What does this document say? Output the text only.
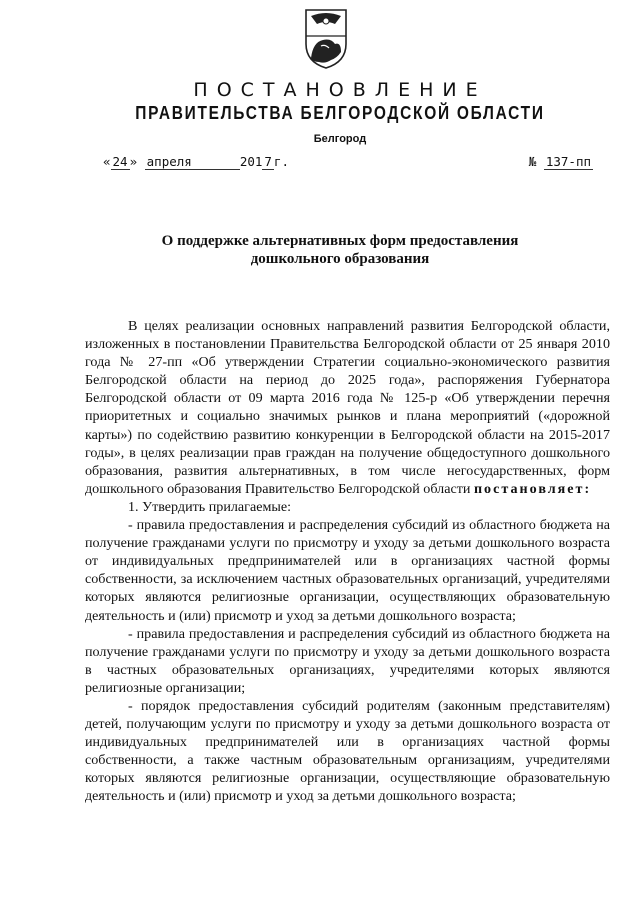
ПОСТАНОВЛЕНИЕ
ПРАВИТЕЛЬСТВА БЕЛГОРОДСКОЙ ОБЛАСТИ
Белгород
« 24 » апреля	201 7 г.	№ 137-пп
О поддержке альтернативных форм предоставления
дошкольного образования

В целях реализации основных направлений развития Белгородской области, изложенных в постановлении Правительства Белгородской области от 25 января 2010 года № 27-пп «Об утверждении Стратегии социально-экономического развития Белгородской области на период до 2025 года», распоряжения Губернатора Белгородской области от 09 марта 2016 года № 125-р «Об утверждении перечня приоритетных и социально значимых рынков и плана мероприятий («дорожной карты») по содействию развитию конкуренции в Белгородской области на 2015-2017 годы», в целях реализации прав граждан на получение общедоступного дошкольного образования, развития альтернативных, в том числе негосударственных, форм дошкольного образования Правительство Белгородской области постановляет:

1. Утвердить прилагаемые:

- правила предоставления и распределения субсидий из областного бюджета на получение гражданами услуги по присмотру и уходу за детьми дошкольного возраста от индивидуальных предпринимателей или в организациях частной формы собственности, за исключением частных образовательных организаций, учредителями которых являются религиозные организации, осуществляющих образовательную деятельность и (или) присмотр и уход за детьми дошкольного возраста;

- правила предоставления и распределения субсидий из областного бюджета на получение гражданами услуги по присмотру и уходу за детьми дошкольного возраста в частных образовательных организациях, учредителями которых являются религиозные организации;

- порядок предоставления субсидий родителям (законным представителям) детей, получающим услуги по присмотру и уходу за детьми дошкольного возраста от индивидуальных предпринимателей или в организациях частной формы собственности, а также частным образовательным организациям, учредителями которых являются религиозные организации, осуществляющие образовательную деятельность и (или) присмотр и уход за детьми дошкольного возраста;
